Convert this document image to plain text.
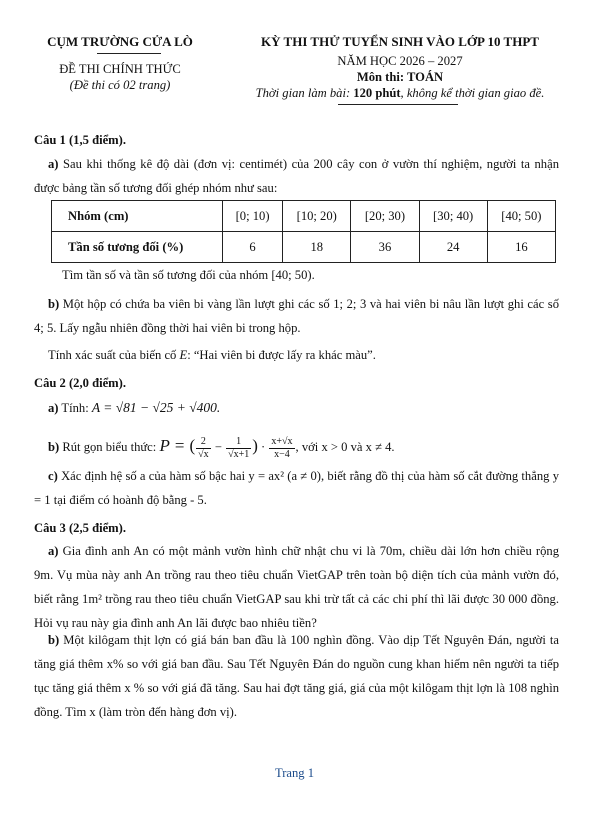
CỤM TRƯỜNG CỬA LÒ
ĐỀ THI CHÍNH THỨC
(Đề thi có 02 trang)
KỲ THI THỬ TUYỂN SINH VÀO LỚP 10 THPT
NĂM HỌC 2026 – 2027
Môn thi: TOÁN
Thời gian làm bài: 120 phút, không kể thời gian giao đề.
Câu 1 (1,5 điểm).
a) Sau khi thống kê độ dài (đơn vị: centimét) của 200 cây con ở vườn thí nghiệm, người ta nhận được bảng tần số tương đối ghép nhóm như sau:
Nhóm (cm)	[0; 10)	[10; 20)	[20; 30)	[30; 40)	[40; 50)
Tần số tương đối (%)	6	18	36	24	16
Tìm tần số và tần số tương đối của nhóm [40; 50).
b) Một hộp có chứa ba viên bi vàng lần lượt ghi các số 1; 2; 3 và hai viên bi nâu lần lượt ghi các số 4; 5. Lấy ngẫu nhiên đồng thời hai viên bi trong hộp.
Tính xác suất của biến cố E: “Hai viên bi được lấy ra khác màu”.
Câu 2 (2,0 điểm).
a) Tính: A = √81 − √25 + √400.
b) Rút gọn biểu thức: P = ( $\frac{2}{√x} - \frac{1}{√x+1}$ ) · $\frac{x+√x}{x-4}$ , với x > 0 và x ≠ 4.
c) Xác định hệ số a của hàm số bậc hai y = ax² (a ≠ 0), biết rằng đồ thị của hàm số cắt đường thẳng y = 1 tại điểm có hoành độ bằng - 5.
Câu 3 (2,5 điểm).
a) Gia đình anh An có một mảnh vườn hình chữ nhật chu vi là 70m, chiều dài lớn hơn chiều rộng 9m. Vụ mùa này anh An trồng rau theo tiêu chuẩn VietGAP trên toàn bộ diện tích của mảnh vườn đó, biết rằng 1m² trồng rau theo tiêu chuẩn VietGAP sau khi trừ tất cả các chi phí thì lãi được 30 000 đồng. Hỏi vụ rau này gia đình anh An lãi được bao nhiêu tiền?
b) Một kilôgam thịt lợn có giá bán ban đầu là 100 nghìn đồng. Vào dịp Tết Nguyên Đán, người ta tăng giá thêm x% so với giá ban đầu. Sau Tết Nguyên Đán do nguồn cung khan hiếm nên người ta tiếp tục tăng giá thêm x % so với giá đã tăng. Sau hai đợt tăng giá, giá của một kilôgam thịt lợn là 108 nghìn đồng. Tìm x (làm tròn đến hàng đơn vị).
Trang 1
